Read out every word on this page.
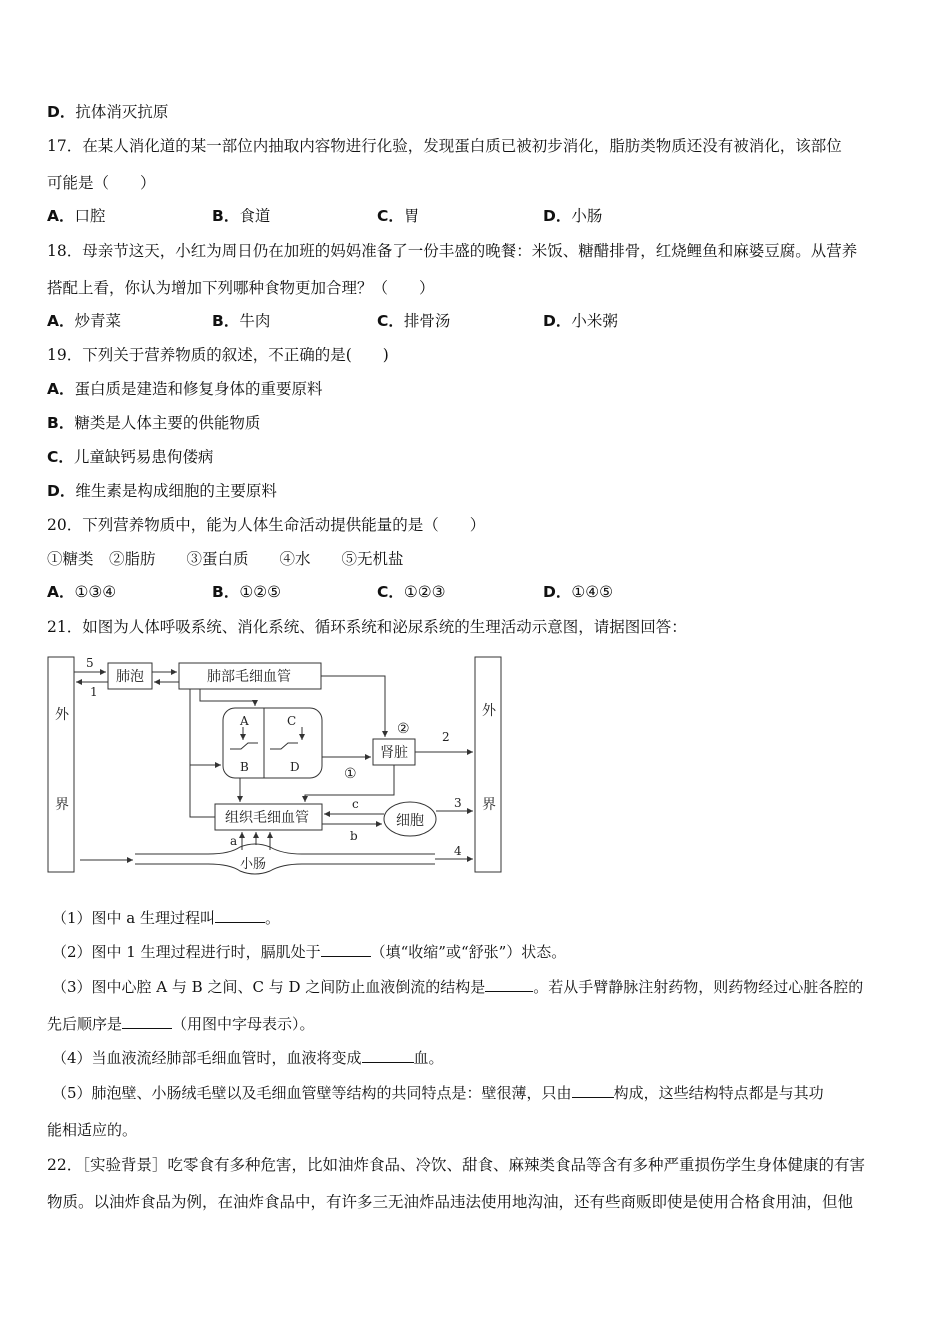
D．抗体消灭抗原
17．在某人消化道的某一部位内抽取内容物进行化验，发现蛋白质已被初步消化，脂肪类物质还没有被消化，该部位
可能是（　　）
A．口腔	B．食道	C．胃	D．小肠
18．母亲节这天，小红为周日仍在加班的妈妈准备了一份丰盛的晚餐：米饭、糖醋排骨，红烧鲤鱼和麻婆豆腐。从营养
搭配上看，你认为增加下列哪种食物更加合理？（　　）
A．炒青菜	B．牛肉	C．排骨汤	D．小米粥
19．下列关于营养物质的叙述，不正确的是(　　)
A．蛋白质是建造和修复身体的重要原料
B．糖类是人体主要的供能物质
C．儿童缺钙易患佝偻病
D．维生素是构成细胞的主要原料
20．下列营养物质中，能为人体生命活动提供能量的是（　　）
①糖类　②脂肪　　③蛋白质　　④水　　⑤无机盐
A．①③④	B．①②⑤	C．①②③	D．①④⑤
21．如图为人体呼吸系统、消化系统、循环系统和泌尿系统的生理活动示意图，请据图回答：
外
界
外
界
肺泡	肺部毛细血管
肾脏
组织毛细血管	细胞
小肠
A
B
C
D
5
1
2
3
4
a	b
c
①
②
（1）图中 a 生理过程叫	。
（2）图中 1 生理过程进行时，膈肌处于	（填“收缩”或“舒张”）状态。
（3）图中心腔 A 与 B 之间、C 与 D 之间防止血液倒流的结构是	。若从手臂静脉注射药物，则药物经过心脏各腔的
先后顺序是	（用图中字母表示）。
（4）当血液流经肺部毛细血管时，血液将变成	血。
（5）肺泡壁、小肠绒毛壁以及毛细血管壁等结构的共同特点是：壁很薄，只由	构成，这些结构特点都是与其功
能相适应的。
22．［实验背景］吃零食有多种危害，比如油炸食品、冷饮、甜食、麻辣类食品等含有多种严重损伤学生身体健康的有害
物质。以油炸食品为例，在油炸食品中，有许多三无油炸品违法使用地沟油，还有些商贩即使是使用合格食用油，但他
